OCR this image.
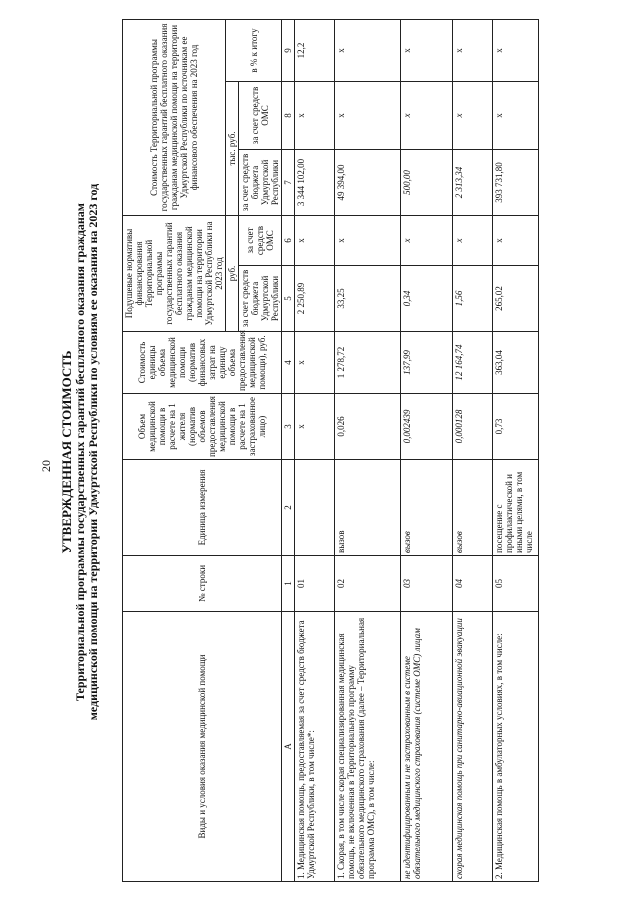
20 УТВЕРЖДЕННАЯ СТОИМОСТЬ Территориальной программы государственных гарантий бесплатного оказания гражданам медицинской помощи на территории Удмуртской Республики по условиям ее оказания на 2023 год
Виды и условия оказания медицинской помощи	№ строки	Единица измерения	Объем медицинской помощи в расчете на 1 жителя (норматив объемов предоставления медицинской помощи в расчете на 1 застрахованное лицо)	Стоимость единицы объема медицинской помощи (норматив финансовых затрат на единицу объема предоставления медицинской помощи), руб.	Подушевые нормативы финансирования Территориальной программы государственных гарантий бесплатного оказания гражданам медицинской помощи на территории Удмуртской Республики на 2023 год		Стоимость Территориальной программы государственных гарантий бесплатного оказания гражданам медицинской помощи на территории Удмуртской Республики по источникам ее финансового обеспечения на 2023 год		
					руб.		тыс. руб.		в % к итогу
					за счет средств бюджета Удмуртской Республики	за счет средств ОМС	за счет средств бюджета Удмуртской Республики	за счет средств ОМС	
А	1	2	3	4	5	6	7	8	9
1. Медицинская помощь, предоставляемая за счет средств бюджета Удмуртской Республики, в том числе*:	01		х	х	2 250,89	х	3 344 102,00	х	12,2
1. Скорая, в том числе скорая специализированная медицинская помощь, не включенная в Территориальную программу обязательного медицинского страхования (далее – Территориальная программа ОМС), в том числе:	02	вызов	0,026	1 278,72	33,25	х	49 394,00	х	х
не идентифицированным и не застрахованным в системе обязательного медицинского страхования (системе ОМС) лицам	03	вызов	0,002439	137,99	0,34	х	500,00	х	х
скорая медицинская помощь при санитарно-авиационной эвакуации	04	вызов	0,000128	12 164,74	1,56	х	2 313,34	х	х
2. Медицинская помощь в амбулаторных условиях, в том числе:	05	посещение с профилактической и иными целями, в том числе	0,73	363,04	265,02	х	393 731,80	х	х
